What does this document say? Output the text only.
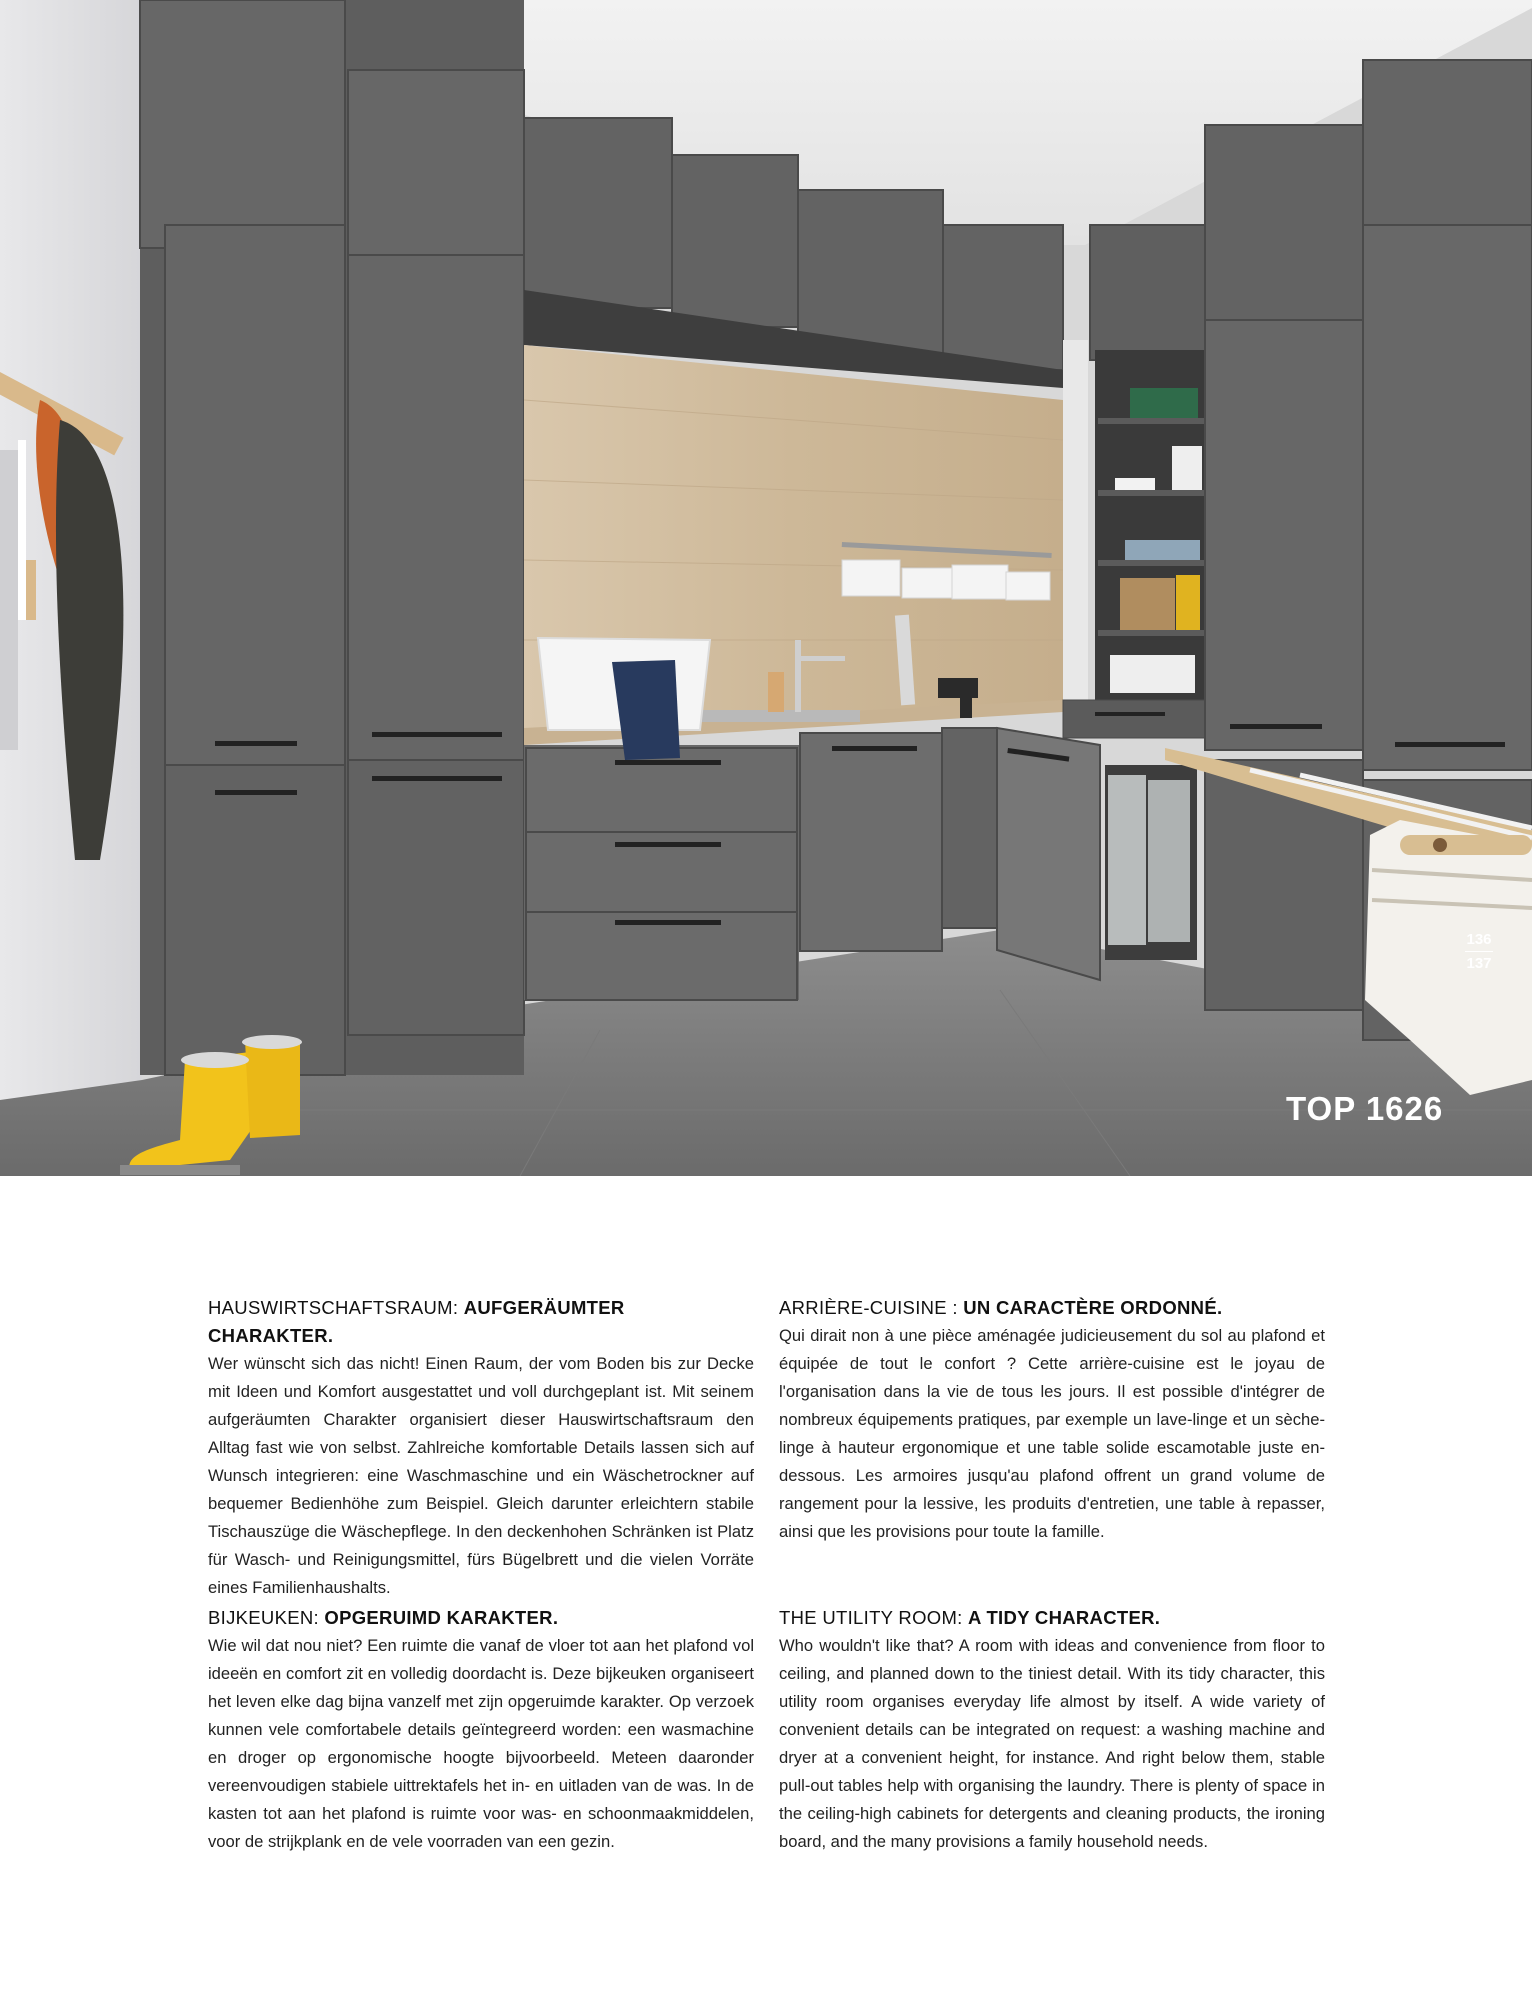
136
137
TOP 1626
HAUSWIRTSCHAFTSRAUM: AUFGERÄUMTER CHARAKTER.

Wer wünscht sich das nicht! Einen Raum, der vom Boden bis zur Decke mit Ideen und Komfort ausgestattet und voll durchgeplant ist. Mit seinem aufgeräumten Charakter organisiert dieser Hauswirtschaftsraum den Alltag fast wie von selbst. Zahlreiche komfortable Details lassen sich auf Wunsch integrieren: eine Waschmaschine und ein Wäschetrockner auf bequemer Bedienhöhe zum Beispiel. Gleich darunter erleichtern stabile Tischauszüge die Wäschepflege. In den deckenhohen Schränken ist Platz für Wasch- und Reinigungsmittel, fürs Bügelbrett und die vielen Vorräte eines Familienhaushalts.

ARRIÈRE-CUISINE : UN CARACTÈRE ORDONNÉ.

Qui dirait non à une pièce aménagée judicieusement du sol au plafond et équipée de tout le confort ? Cette arrière-cuisine est le joyau de l'organisation dans la vie de tous les jours. Il est possible d'intégrer de nombreux équipements pratiques, par exemple un lave-linge et un sèche-linge à hauteur ergonomique et une table solide escamotable juste en-dessous. Les armoires jusqu'au plafond offrent un grand volume de rangement pour la lessive, les produits d'entretien, une table à repasser, ainsi que les provisions pour toute la famille.

BIJKEUKEN: OPGERUIMD KARAKTER.

Wie wil dat nou niet? Een ruimte die vanaf de vloer tot aan het plafond vol ideeën en comfort zit en volledig doordacht is. Deze bijkeuken organiseert het leven elke dag bijna vanzelf met zijn opgeruimde karakter. Op verzoek kunnen vele comfortabele details geïntegreerd worden: een wasmachine en droger op ergonomische hoogte bijvoorbeeld. Meteen daaronder vereenvoudigen stabiele uittrektafels het in- en uitladen van de was. In de kasten tot aan het plafond is ruimte voor was- en schoonmaakmiddelen, voor de strijkplank en de vele voorraden van een gezin.

THE UTILITY ROOM: A TIDY CHARACTER.

Who wouldn't like that? A room with ideas and convenience from floor to ceiling, and planned down to the tiniest detail. With its tidy character, this utility room organises everyday life almost by itself. A wide variety of convenient details can be integrated on request: a washing machine and dryer at a convenient height, for instance. And right below them, stable pull-out tables help with organising the laundry. There is plenty of space in the ceiling-high cabinets for detergents and cleaning products, the ironing board, and the many provisions a family household needs.
